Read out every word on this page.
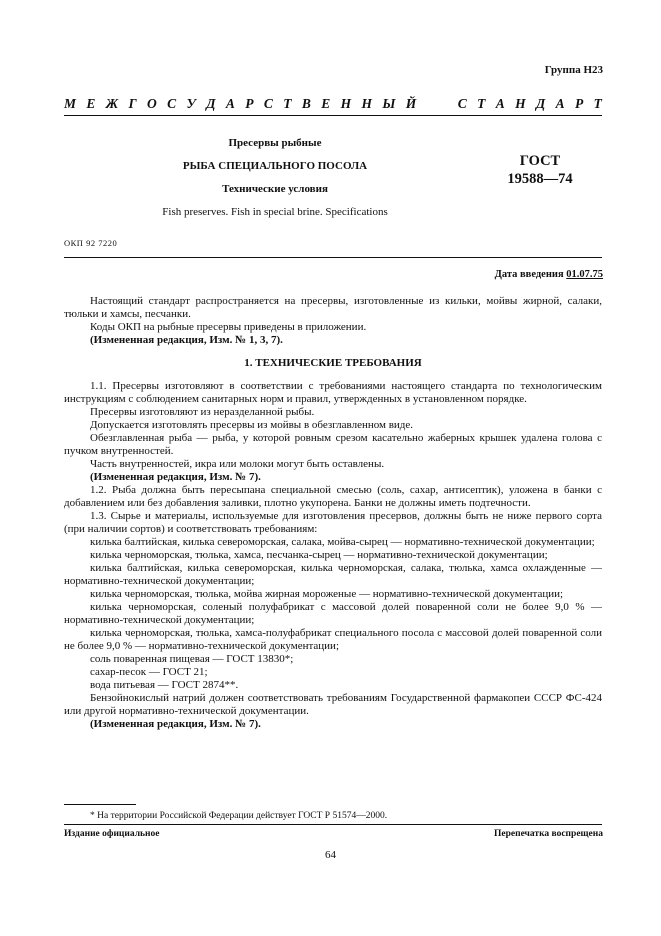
Группа Н23
М Е Ж Г О С У Д А Р С Т В Е Н Н Ы Й	С Т А Н Д А Р Т
Пресервы рыбные
РЫБА СПЕЦИАЛЬНОГО ПОСОЛА
Технические условия
Fish preserves. Fish in special brine. Specifications
ГОСТ
19588—74
ОКП 92 7220
Дата введения 01.07.75

Настоящий стандарт распространяется на пресервы, изготовленные из кильки, мойвы жирной, салаки, тюльки и хамсы, песчанки.

Коды ОКП на рыбные пресервы приведены в приложении.

(Измененная редакция, Изм. № 1, 3, 7).

1. ТЕХНИЧЕСКИЕ ТРЕБОВАНИЯ

1.1. Пресервы изготовляют в соответствии с требованиями настоящего стандарта по технологическим инструкциям с соблюдением санитарных норм и правил, утвержденных в установленном порядке.

Пресервы изготовляют из неразделанной рыбы.

Допускается изготовлять пресервы из мойвы в обезглавленном виде.

Обезглавленная рыба — рыба, у которой ровным срезом касательно жаберных крышек удалена голова с пучком внутренностей.

Часть внутренностей, икра или молоки могут быть оставлены.

(Измененная редакция, Изм. № 7).

1.2. Рыба должна быть пересыпана специальной смесью (соль, сахар, антисептик), уложена в банки с добавлением или без добавления заливки, плотно укупорена. Банки не должны иметь подтечности.

1.3. Сырье и материалы, используемые для изготовления пресервов, должны быть не ниже первого сорта (при наличии сортов) и соответствовать требованиям:

килька балтийская, килька североморская, салака, мойва-сырец — нормативно-технической документации;

килька черноморская, тюлька, хамса, песчанка-сырец — нормативно-технической документации;

килька балтийская, килька североморская, килька черноморская, салака, тюлька, хамса охлажденные — нормативно-технической документации;

килька черноморская, тюлька, мойва жирная мороженые — нормативно-технической документации;

килька черноморская, соленый полуфабрикат с массовой долей поваренной соли не более 9,0 % — нормативно-технической документации;

килька черноморская, тюлька, хамса-полуфабрикат специального посола с массовой долей поваренной соли не более 9,0 % — нормативно-технической документации;

соль поваренная пищевая — ГОСТ 13830*;

сахар-песок — ГОСТ 21;

вода питьевая — ГОСТ 2874**.

Бензойнокислый натрий должен соответствовать требованиям Государственной фармакопеи СССР ФС-424 или другой нормативно-технической документации.

(Измененная редакция, Изм. № 7).

* На территории Российской Федерации действует ГОСТ Р 51574—2000.
Издание официальное	Перепечатка воспрещена
64
